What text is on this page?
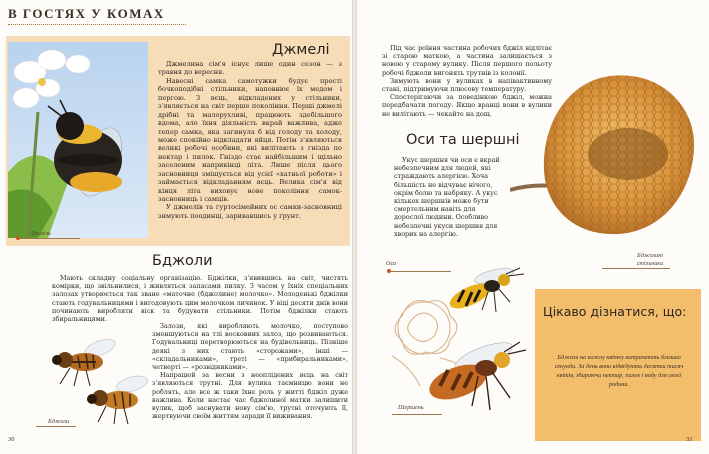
В ГОСТЯХ У КОМАХ
Джмелі

Джмелина сім'я існує лише один сезон — з травня до вересня.

Навесні самка самотужки будує прості бочкоподібні стільники, наповнює їх медом і пергою. З яєць, відкладених у стільники, з'являється на світ перше покоління. Перші джмелі дрібні та малорухливі, працюють здебільшого вдома, але їхня діяльність вкрай важлива, адже тепер самка, яка загинула б від голоду та холоду, може спокійно відкладати яйця. Потім з'являються великі робочі особини, які вилітають з гнізда по нектар і пилок. Гніздо стає найбільшим і щільно заселеним наприкінці літа. Лише після цього засновниця зміщується від усієї «хатньої роботи» і займається відкладанням яєць. Велика сім'я від кінця літа виховує нове покоління самок-засновниць і самців.

У джмелів та гуртосімейних ос самки-засновниці зимують поодинці, заривавшись у ґрунт.

Джміль
Бджоли

Мають складну соціальну організацію. Бджілки, з'явившись на світ, чистять комірки, що звільнилися, і живляться запасами пилку. З часом у їхніх спеціальних залозах утворюється так зване «маточне (бджолине) молочко». Молоденькі бджілки стають годувальницями і вигодовують цим молочком личинок. У віці десяти днів вони починають виробляти віск та будувати стільники. Потім бджілки стають збиральницями.

Залози, які виробляють молочко, поступово зменшуються на тлі восковиих залоз, що розвиваються. Годувальниці перетворюються на будівельниць. Пізніше деякі з них стають «сторожами», інші — «складальниками», треті — «прибиральниками», четверті — «розвідниками».

Напрацюй за весни з неоплідених яєць на світ з'являються трутні. Для вулика таємницю вони не роблять, але все ж таки їхнє роль у житті бджіл дуже важлива. Коли настає час бджолиної матки залишити вулик, щоб заснувати нову сім'ю, трутні оточують її, жертвуючи своїм життям заради її виживання.

Бджоли
30

Під час роїння частина робочих бджіл відлітає зі старою маткою, а частина залишається з новою у старому вулику. Після першого польоту робочі бджоли вигонять трутнів із колонії.

Зимують вони у вуликах в напівактивному стані, підтримуючи плюсову температуру.

Спостерігаючи за поведінкою бджіл, можна передбачати погоду. Якщо вранці вони в вулики не вилітають — чекайте на дощ.

Бджолині стільники
Оси та шершні

Укус шершня чи оси є вкрай небезпечним для людей, які страждають алергією. Хоча більшість не відчуває нічого, окрім болю та набряку. А укус кількох шершнів може бути смертельним навіть для дорослої людини. Особливо небезпечні укуси шершня для хворих на алергію.

Оса
Шершень
Цікаво дізнатися, що:
Бджоли на кожну квітку витрачають близько секунди. За день вони відвідують десятки тисяч квітів, збираючи нектар, пилок і воду для своєї родини.
31
